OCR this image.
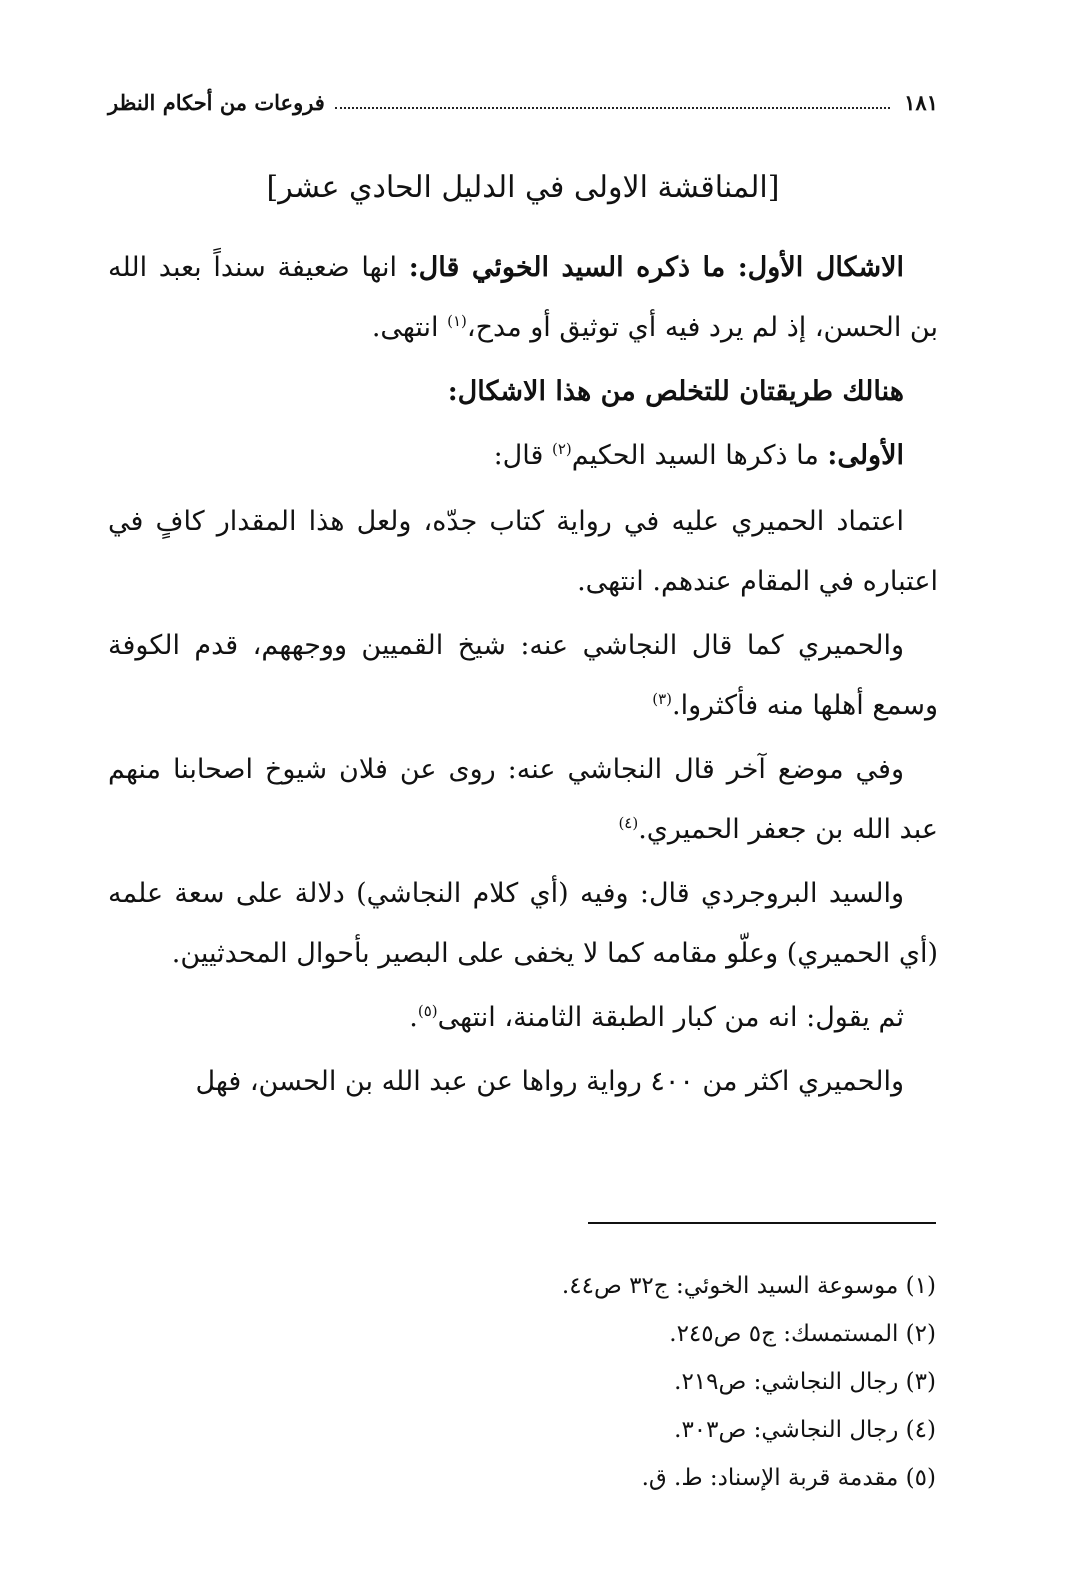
١٨١
فروعات من أحكام النظر
[المناقشة الاولى في الدليل الحادي عشر]

الاشكال الأول: ما ذكره السيد الخوئي قال: انها ضعيفة سنداً بعبد الله بن الحسن، إذ لم يرد فيه أي توثيق أو مدح،$^{(١)}$ انتهى.

هنالك طريقتان للتخلص من هذا الاشكال:

الأولى: ما ذكرها السيد الحكيم$^{(٢)}$ قال:

اعتماد الحميري عليه في رواية كتاب جدّه، ولعل هذا المقدار كافٍ في اعتباره في المقام عندهم. انتهى.

والحميري كما قال النجاشي عنه: شيخ القميين ووجههم، قدم الكوفة وسمع أهلها منه فأكثروا.$^{(٣)}$

وفي موضع آخر قال النجاشي عنه: روى عن فلان شيوخ اصحابنا منهم عبد الله بن جعفر الحميري.$^{(٤)}$

والسيد البروجردي قال: وفيه (أي كلام النجاشي) دلالة على سعة علمه (أي الحميري) وعلّو مقامه كما لا يخفى على البصير بأحوال المحدثيين.

ثم يقول: انه من كبار الطبقة الثامنة، انتهى$^{(٥)}$.

والحميري اكثر من ٤٠٠ رواية رواها عن عبد الله بن الحسن، فهل

(١) موسوعة السيد الخوئي: ج٣٢ ص٤٤.
(٢) المستمسك: ج٥ ص٢٤٥.
(٣) رجال النجاشي: ص٢١٩.
(٤) رجال النجاشي: ص٣٠٣.
(٥) مقدمة قربة الإسناد: ط. ق.
